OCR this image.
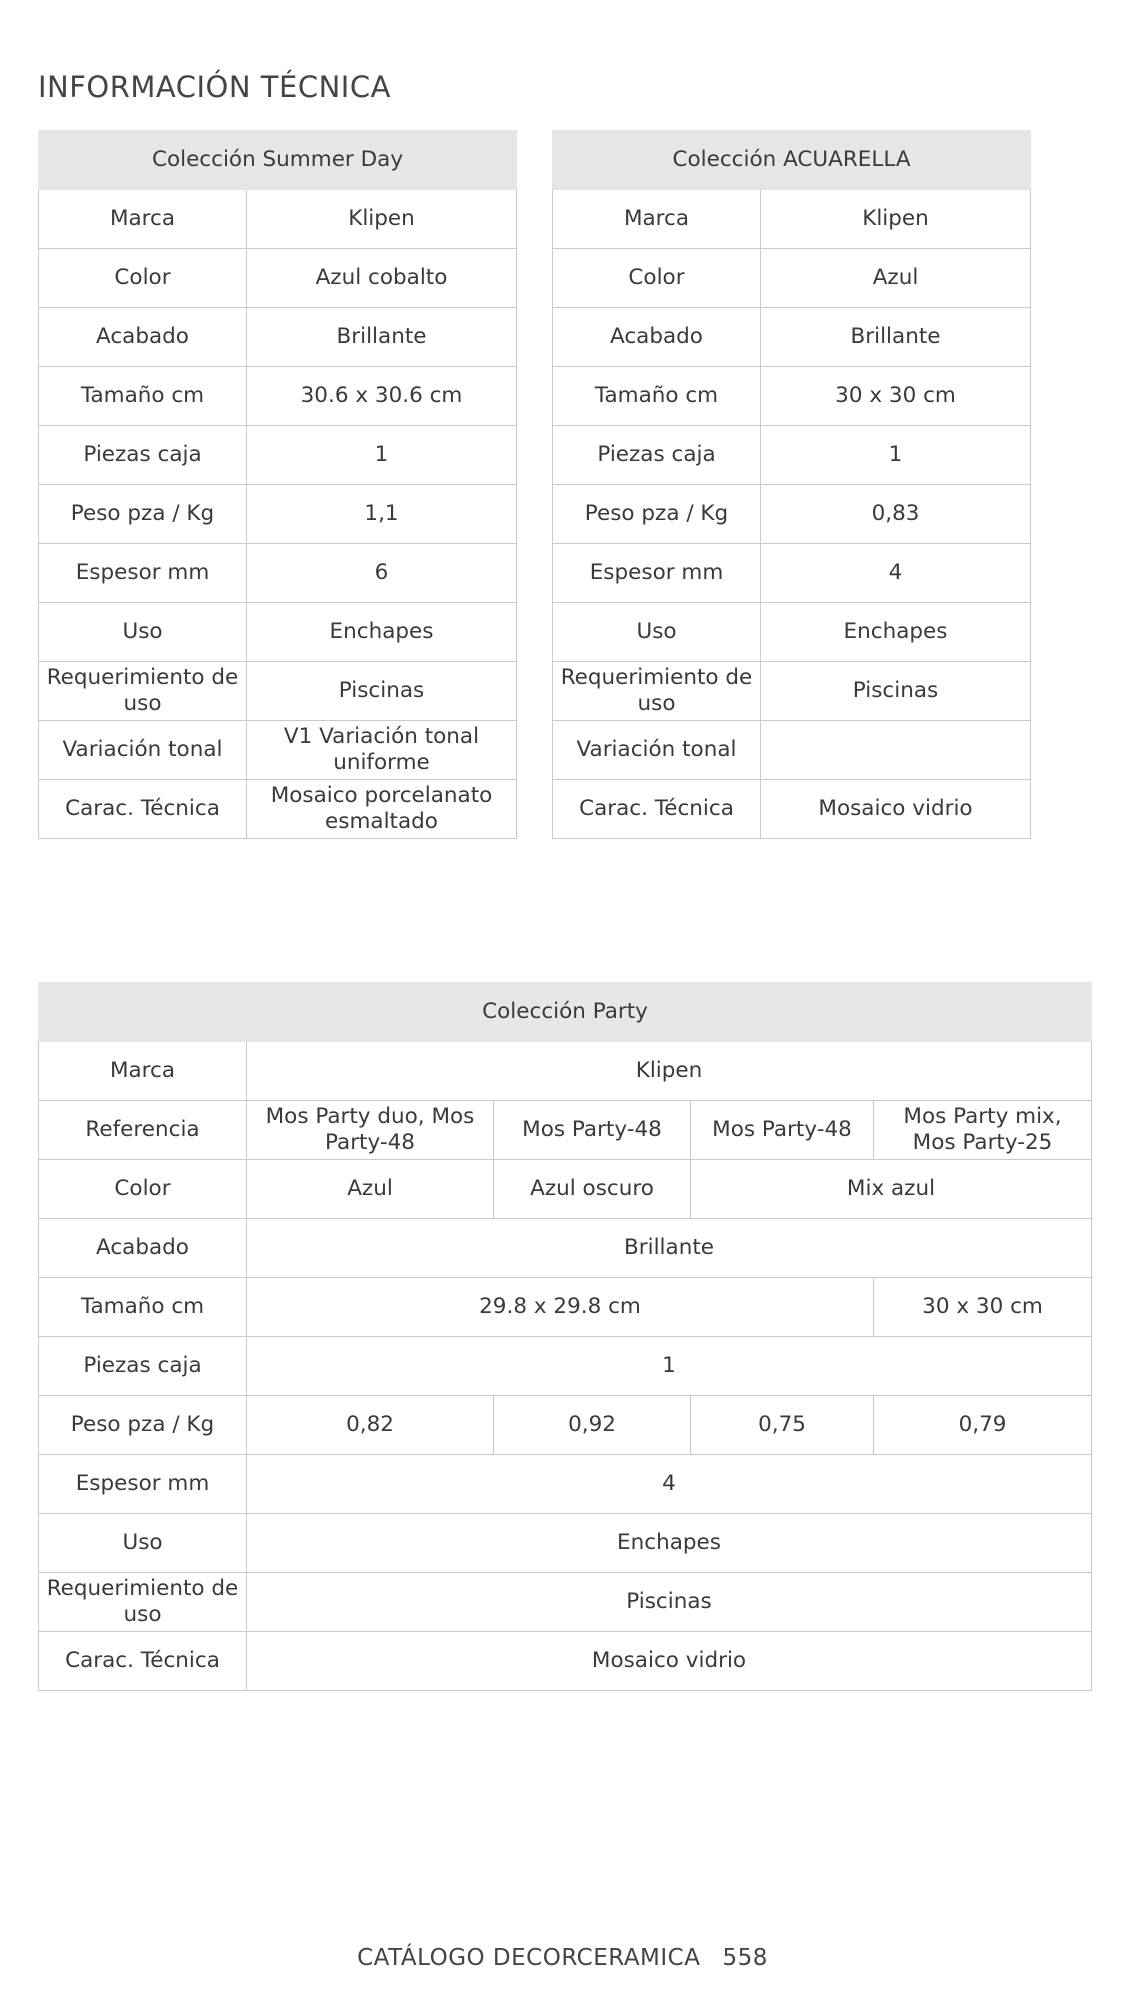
INFORMACIÓN TÉCNICA
Colección Summer Day	
Marca	Klipen
Color	Azul cobalto
Acabado	Brillante
Tamaño cm	30.6 x 30.6 cm
Piezas caja	1
Peso pza / Kg	1,1
Espesor mm	6
Uso	Enchapes
Requerimiento de uso	Piscinas
Variación tonal	V1 Variación tonal uniforme
Carac. Técnica	Mosaico porcelanato esmaltado
Colección ACUARELLA	
Marca	Klipen
Color	Azul
Acabado	Brillante
Tamaño cm	30 x 30 cm
Piezas caja	1
Peso pza / Kg	0,83
Espesor mm	4
Uso	Enchapes
Requerimiento de uso	Piscinas
Variación tonal	
Carac. Técnica	Mosaico vidrio
Colección Party				
Marca	Klipen			
Referencia	Mos Party duo, Mos Party-48	Mos Party-48	Mos Party-48	Mos Party mix, Mos Party-25
Color	Azul	Azul oscuro	Mix azul	
Acabado	Brillante			
Tamaño cm	29.8 x 29.8 cm			30 x 30 cm
Piezas caja	1			
Peso pza / Kg	0,82	0,92	0,75	0,79
Espesor mm	4			
Uso	Enchapes			
Requerimiento de uso	Piscinas			
Carac. Técnica	Mosaico vidrio			
CATÁLOGO DECORCERAMICA 558
